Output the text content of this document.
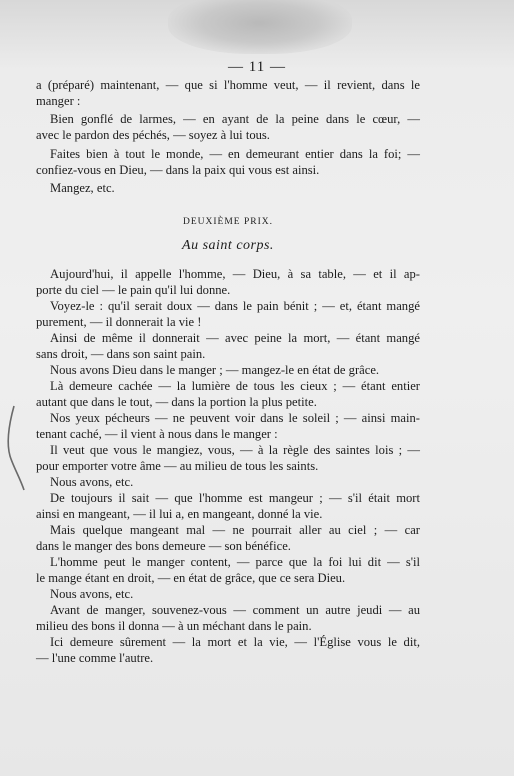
— 11 —
a (préparé) maintenant, — que si l'homme veut, — il revient, dans le
manger :
Bien gonflé de larmes, — en ayant de la peine dans le cœur, —
avec le pardon des péchés, — soyez à lui tous.
Faites bien à tout le monde, — en demeurant entier dans la foi; —
confiez-vous en Dieu, — dans la paix qui vous est ainsi.
Mangez, etc.
DEUXIÈME PRIX.
Au saint corps.
Aujourd'hui, il appelle l'homme, — Dieu, à sa table, — et il ap-
porte du ciel — le pain qu'il lui donne.
Voyez-le : qu'il serait doux — dans le pain bénit ; — et, étant mangé
purement, — il donnerait la vie !
Ainsi de même il donnerait — avec peine la mort, — étant mangé
sans droit, — dans son saint pain.
Nous avons Dieu dans le manger ; — mangez-le en état de grâce.
Là demeure cachée — la lumière de tous les cieux ; — étant entier
autant que dans le tout, — dans la portion la plus petite.
Nos yeux pécheurs — ne peuvent voir dans le soleil ; — ainsi main-
tenant caché, — il vient à nous dans le manger :
Il veut que vous le mangiez, vous, — à la règle des saintes lois ; —
pour emporter votre âme — au milieu de tous les saints.
Nous avons, etc.
De toujours il sait — que l'homme est mangeur ; — s'il était mort
ainsi en mangeant, — il lui a, en mangeant, donné la vie.
Mais quelque mangeant mal — ne pourrait aller au ciel ; — car
dans le manger des bons demeure — son bénéfice.
L'homme peut le manger content, — parce que la foi lui dit — s'il
le mange étant en droit, — en état de grâce, que ce sera Dieu.
Nous avons, etc.
Avant de manger, souvenez-vous — comment un autre jeudi — au
milieu des bons il donna — à un méchant dans le pain.
Ici demeure sûrement — la mort et la vie, — l'Église vous le dit,
— l'une comme l'autre.
